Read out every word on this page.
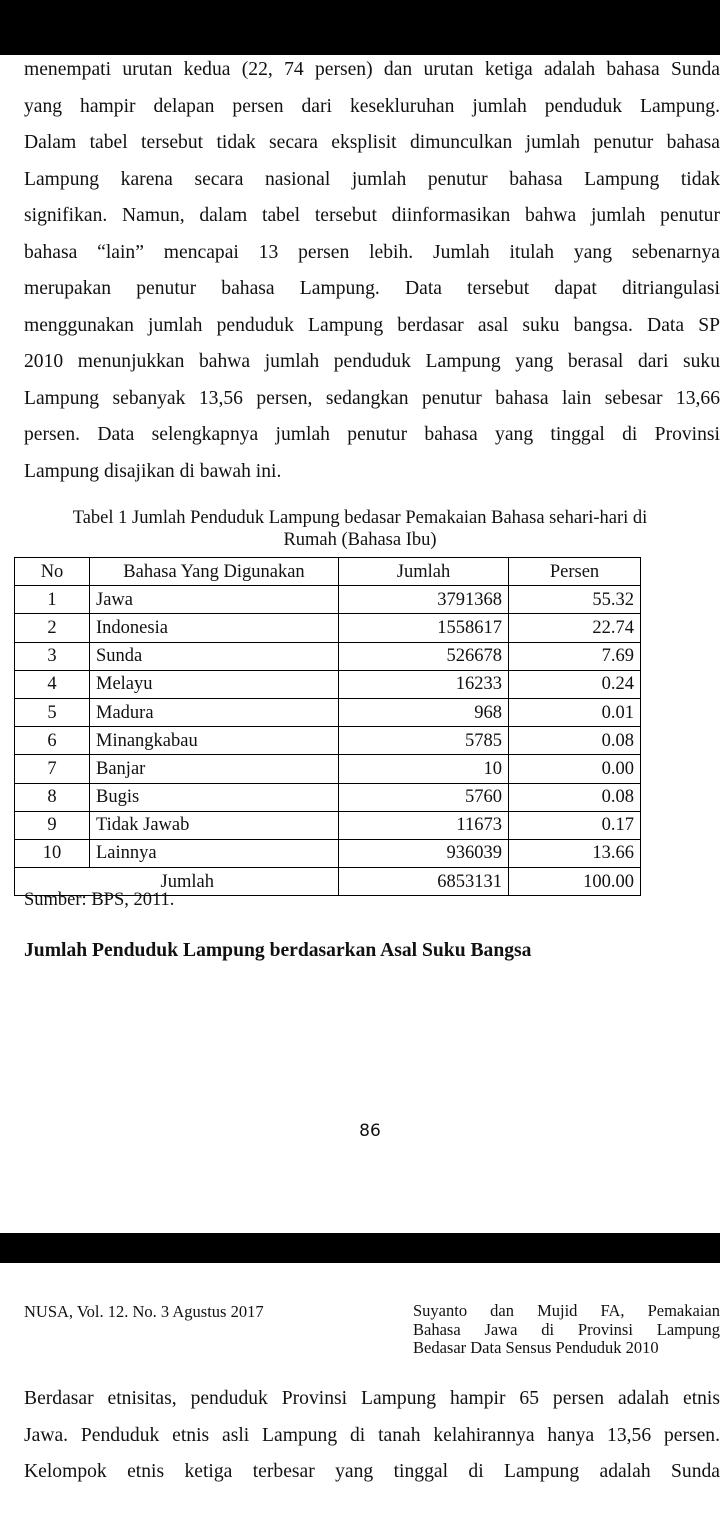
menempati urutan kedua (22, 74 persen) dan urutan ketiga adalah bahasa Sunda
yang hampir delapan persen dari kesekluruhan jumlah penduduk Lampung.
Dalam tabel tersebut tidak secara eksplisit dimunculkan jumlah penutur bahasa
Lampung karena secara nasional jumlah penutur bahasa Lampung tidak
signifikan. Namun, dalam tabel tersebut diinformasikan bahwa jumlah penutur
bahasa “lain” mencapai 13 persen lebih. Jumlah itulah yang sebenarnya
merupakan penutur bahasa Lampung. Data tersebut dapat ditriangulasi
menggunakan jumlah penduduk Lampung berdasar asal suku bangsa. Data SP
2010 menunjukkan bahwa jumlah penduduk Lampung yang berasal dari suku
Lampung sebanyak 13,56 persen, sedangkan penutur bahasa lain sebesar 13,66
persen. Data selengkapnya jumlah penutur bahasa yang tinggal di Provinsi
Lampung disajikan di bawah ini.
Tabel 1 Jumlah Penduduk Lampung bedasar Pemakaian Bahasa sehari-hari di
Rumah (Bahasa Ibu)
No	Bahasa Yang Digunakan	Jumlah	Persen
1	Jawa	3791368	55.32
2	Indonesia	1558617	22.74
3	Sunda	526678	7.69
4	Melayu	16233	0.24
5	Madura	968	0.01
6	Minangkabau	5785	0.08
7	Banjar	10	0.00
8	Bugis	5760	0.08
9	Tidak Jawab	11673	0.17
10	Lainnya	936039	13.66
Jumlah		6853131	100.00
Sumber: BPS, 2011.
Jumlah Penduduk Lampung berdasarkan Asal Suku Bangsa
86
NUSA, Vol. 12. No. 3 Agustus 2017	Suyanto dan Mujid FA, Pemakaian
Bahasa Jawa di Provinsi Lampung
Bedasar Data Sensus Penduduk 2010
Berdasar etnisitas, penduduk Provinsi Lampung hampir 65 persen adalah etnis
Jawa. Penduduk etnis asli Lampung di tanah kelahirannya hanya 13,56 persen.
Kelompok etnis ketiga terbesar yang tinggal di Lampung adalah Sunda
